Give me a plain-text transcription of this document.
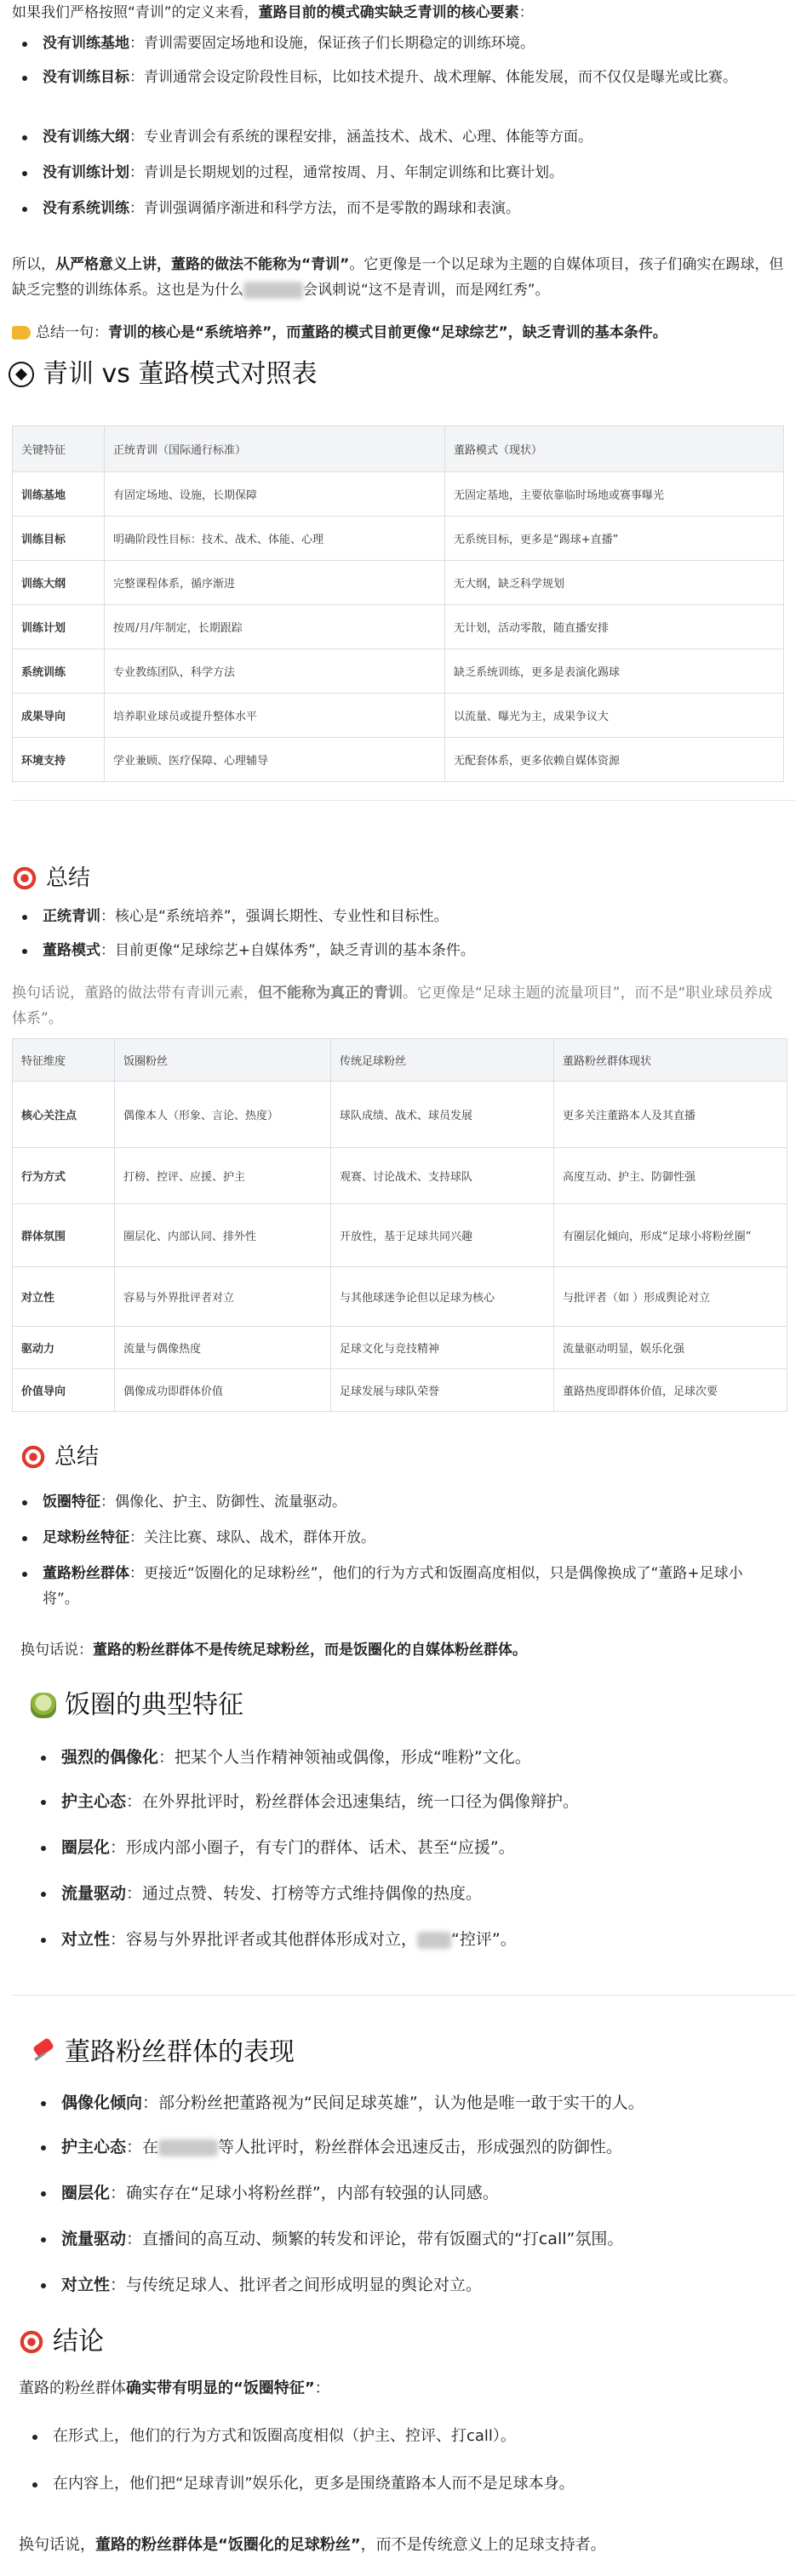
如果我们严格按照“青训”的定义来看，董路目前的模式确实缺乏青训的核心要素：

没有训练基地：青训需要固定场地和设施，保证孩子们长期稳定的训练环境。
没有训练目标：青训通常会设定阶段性目标，比如技术提升、战术理解、体能发展，而不仅仅是曝光或比赛。
没有训练大纲：专业青训会有系统的课程安排，涵盖技术、战术、心理、体能等方面。
没有训练计划：青训是长期规划的过程，通常按周、月、年制定训练和比赛计划。
没有系统训练：青训强调循序渐进和科学方法，而不是零散的踢球和表演。

所以，从严格意义上讲，董路的做法不能称为“青训”。它更像是一个以足球为主题的自媒体项目，孩子们确实在踢球，但缺乏完整的训练体系。这也是为什么	会讽刺说“这不是青训，而是网红秀”。

总结一句：青训的核心是“系统培养”，而董路的模式目前更像“足球综艺”，缺乏青训的基本条件。

青训 vs 董路模式对照表
关键特征	正统青训（国际通行标准）	董路模式（现状）
训练基地	有固定场地、设施，长期保障	无固定基地，主要依靠临时场地或赛事曝光
训练目标	明确阶段性目标：技术、战术、体能、心理	无系统目标，更多是“踢球+直播”
训练大纲	完整课程体系，循序渐进	无大纲，缺乏科学规划
训练计划	按周/月/年制定，长期跟踪	无计划，活动零散，随直播安排
系统训练	专业教练团队，科学方法	缺乏系统训练，更多是表演化踢球
成果导向	培养职业球员或提升整体水平	以流量、曝光为主，成果争议大
环境支持	学业兼顾、医疗保障、心理辅导	无配套体系，更多依赖自媒体资源
总结
正统青训：核心是“系统培养”，强调长期性、专业性和目标性。
董路模式：目前更像“足球综艺+自媒体秀”，缺乏青训的基本条件。

换句话说，董路的做法带有青训元素，但不能称为真正的青训。它更像是“足球主题的流量项目”，而不是“职业球员养成体系”。

特征维度	饭圈粉丝	传统足球粉丝	董路粉丝群体现状
核心关注点	偶像本人（形象、言论、热度）	球队成绩、战术、球员发展	更多关注董路本人及其直播
行为方式	打榜、控评、应援、护主	观赛、讨论战术、支持球队	高度互动、护主、防御性强
群体氛围	圈层化、内部认同、排外性	开放性，基于足球共同兴趣	有圈层化倾向，形成“足球小将粉丝圈”
对立性	容易与外界批评者对立	与其他球迷争论但以足球为核心	与批评者（如 ）形成舆论对立
驱动力	流量与偶像热度	足球文化与竞技精神	流量驱动明显，娱乐化强
价值导向	偶像成功即群体价值	足球发展与球队荣誉	董路热度即群体价值，足球次要
总结
饭圈特征：偶像化、护主、防御性、流量驱动。
足球粉丝特征：关注比赛、球队、战术，群体开放。
董路粉丝群体：更接近“饭圈化的足球粉丝”，他们的行为方式和饭圈高度相似，只是偶像换成了“董路+足球小将”。

换句话说：董路的粉丝群体不是传统足球粉丝，而是饭圈化的自媒体粉丝群体。

饭圈的典型特征
强烈的偶像化：把某个人当作精神领袖或偶像，形成“唯粉”文化。
护主心态：在外界批评时，粉丝群体会迅速集结，统一口径为偶像辩护。
圈层化：形成内部小圈子，有专门的群体、话术、甚至“应援”。
流量驱动：通过点赞、转发、打榜等方式维持偶像的热度。
对立性：容易与外界批评者或其他群体形成对立， “控评”。
董路粉丝群体的表现
偶像化倾向：部分粉丝把董路视为“民间足球英雄”，认为他是唯一敢于实干的人。
护主心态：在	等人批评时，粉丝群体会迅速反击，形成强烈的防御性。
圈层化：确实存在“足球小将粉丝群”，内部有较强的认同感。
流量驱动：直播间的高互动、频繁的转发和评论，带有饭圈式的“打call”氛围。
对立性：与传统足球人、批评者之间形成明显的舆论对立。
结论

董路的粉丝群体确实带有明显的“饭圈特征”：

在形式上，他们的行为方式和饭圈高度相似（护主、控评、打call）。
在内容上，他们把“足球青训”娱乐化，更多是围绕董路本人而不是足球本身。

换句话说，董路的粉丝群体是“饭圈化的足球粉丝”，而不是传统意义上的足球支持者。
